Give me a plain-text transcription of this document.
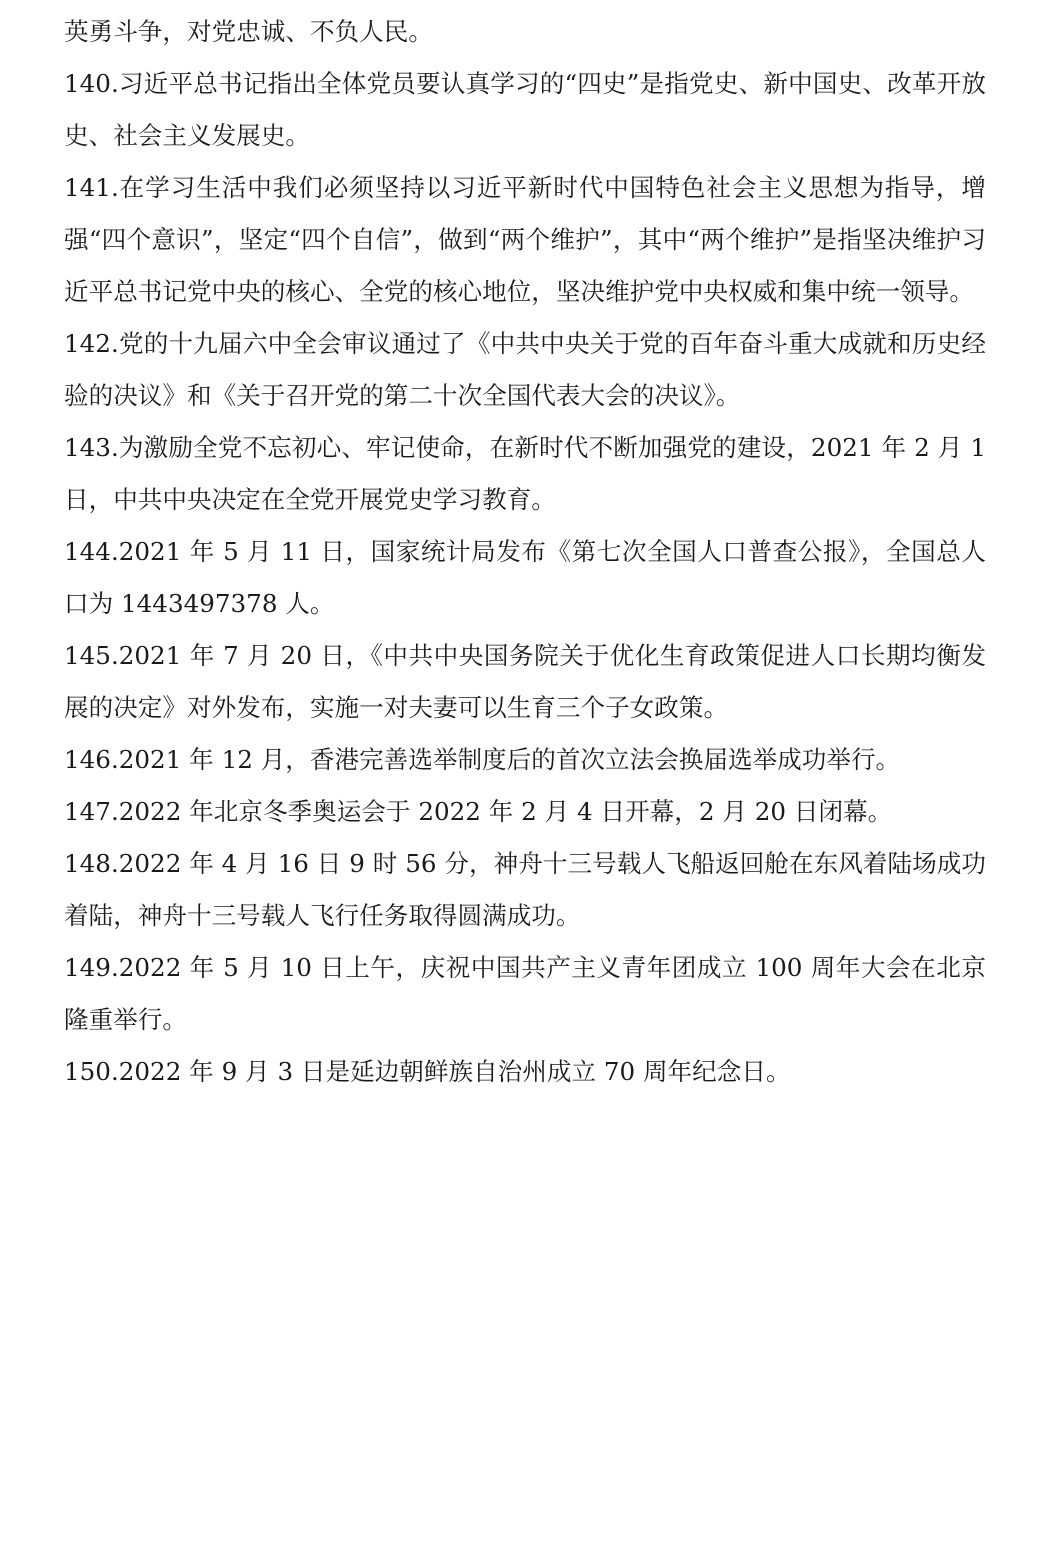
英勇斗争，对党忠诚、不负人民。

140.习近平总书记指出全体党员要认真学习的“四史”是指党史、新中国史、改革开放史、社会主义发展史。

141.在学习生活中我们必须坚持以习近平新时代中国特色社会主义思想为指导，增强“四个意识”，坚定“四个自信”，做到“两个维护”，其中“两个维护”是指坚决维护习近平总书记党中央的核心、全党的核心地位，坚决维护党中央权威和集中统一领导。

142.党的十九届六中全会审议通过了《中共中央关于党的百年奋斗重大成就和历史经验的决议》和《关于召开党的第二十次全国代表大会的决议》。

143.为激励全党不忘初心、牢记使命，在新时代不断加强党的建设，2021 年 2 月 1 日，中共中央决定在全党开展党史学习教育。

144.2021 年 5 月 11 日，国家统计局发布《第七次全国人口普查公报》，全国总人口为 1443497378 人。

145.2021 年 7 月 20 日，《中共中央国务院关于优化生育政策促进人口长期均衡发展的决定》对外发布，实施一对夫妻可以生育三个子女政策。

146.2021 年 12 月，香港完善选举制度后的首次立法会换届选举成功举行。

147.2022 年北京冬季奥运会于 2022 年 2 月 4 日开幕，2 月 20 日闭幕。

148.2022 年 4 月 16 日 9 时 56 分，神舟十三号载人飞船返回舱在东风着陆场成功着陆，神舟十三号载人飞行任务取得圆满成功。

149.2022 年 5 月 10 日上午，庆祝中国共产主义青年团成立 100 周年大会在北京隆重举行。

150.2022 年 9 月 3 日是延边朝鲜族自治州成立 70 周年纪念日。
